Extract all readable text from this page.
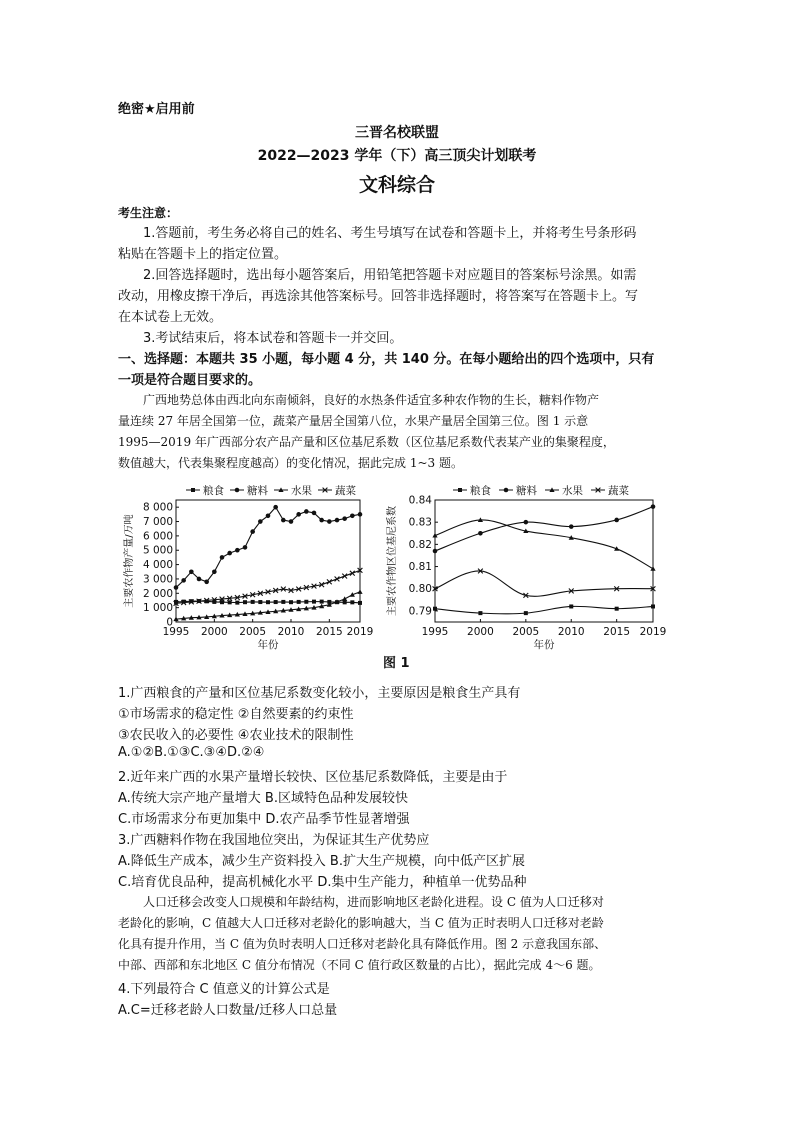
绝密★启用前
三晋名校联盟
2022—2023 学年（下）高三顶尖计划联考
文科综合
考生注意：
1.答题前，考生务必将自己的姓名、考生号填写在试卷和答题卡上，并将考生号条形码
粘贴在答题卡上的指定位置。
2.回答选择题时，选出每小题答案后，用铅笔把答题卡对应题目的答案标号涂黑。如需
改动，用橡皮擦干净后，再选涂其他答案标号。回答非选择题时，将答案写在答题卡上。写
在本试卷上无效。
3.考试结束后，将本试卷和答题卡一并交回。
一、选择题：本题共 35 小题，每小题 4 分，共 140 分。在每小题给出的四个选项中，只有
一项是符合题目要求的。
广西地势总体由西北向东南倾斜，良好的水热条件适宜多种农作物的生长，糖料作物产
量连续 27 年居全国第一位，蔬菜产量居全国第八位，水果产量居全国第三位。图 1 示意
1995—2019 年广西部分农产品产量和区位基尼系数（区位基尼系数代表某产业的集聚程度，
数值越大，代表集聚程度越高）的变化情况，据此完成 1~3 题。
0
1 000
2 000
3 000
4 000
5 000
6 000
7 000
8 000
1995 2000 2005 2010 2015 2019
年份
主要农作物产量/万吨
粮食 糖料 水果 蔬菜
0.79
0.80
0.81
0.82
0.83
0.84
1995 2000 2005 2010 2015 2019
年份
主要农作物区位基尼系数
粮食 糖料 水果 蔬菜
图 1
1.广西粮食的产量和区位基尼系数变化较小，主要原因是粮食生产具有
①市场需求的稳定性 ②自然要素的约束性
③农民收入的必要性 ④农业技术的限制性
A.①②B.①③C.③④D.②④
2.近年来广西的水果产量增长较快、区位基尼系数降低，主要是由于
A.传统大宗产地产量增大 B.区域特色品种发展较快
C.市场需求分布更加集中 D.农产品季节性显著增强
3.广西糖料作物在我国地位突出，为保证其生产优势应
A.降低生产成本，减少生产资料投入 B.扩大生产规模，向中低产区扩展
C.培育优良品种，提高机械化水平 D.集中生产能力，种植单一优势品种
人口迁移会改变人口规模和年龄结构，进而影响地区老龄化进程。设 C 值为人口迁移对
老龄化的影响，C 值越大人口迁移对老龄化的影响越大，当 C 值为正时表明人口迁移对老龄
化具有提升作用，当 C 值为负时表明人口迁移对老龄化具有降低作用。图 2 示意我国东部、
中部、西部和东北地区 C 值分布情况（不同 C 值行政区数量的占比），据此完成 4～6 题。
4.下列最符合 C 值意义的计算公式是
A.C=迁移老龄人口数量/迁移人口总量
